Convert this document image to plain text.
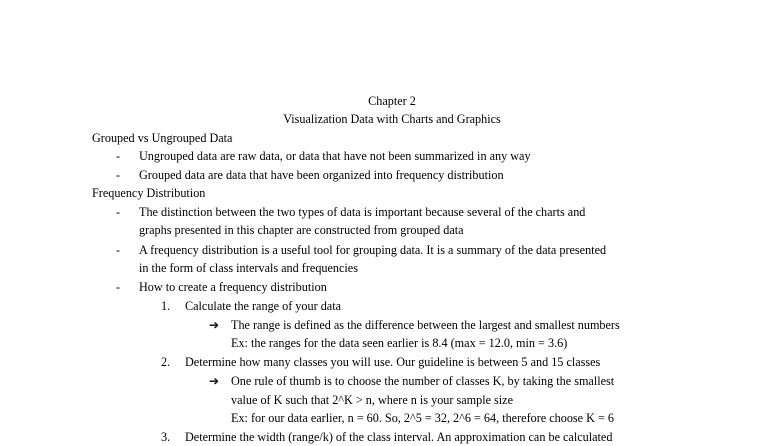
Chapter 2
Visualization Data with Charts and Graphics
Grouped vs Ungrouped Data
- Ungrouped data are raw data, or data that have not been summarized in any way
- Grouped data are data that have been organized into frequency distribution
Frequency Distribution
- The distinction between the two types of data is important because several of the charts and
graphs presented in this chapter are constructed from grouped data
- A frequency distribution is a useful tool for grouping data. It is a summary of the data presented
in the form of class intervals and frequencies
- How to create a frequency distribution
1. Calculate the range of your data
➔ The range is defined as the difference between the largest and smallest numbers
Ex: the ranges for the data seen earlier is 8.4 (max = 12.0, min = 3.6)
2. Determine how many classes you will use. Our guideline is between 5 and 15 classes
➔ One rule of thumb is to choose the number of classes K, by taking the smallest
value of K such that 2^K > n, where n is your sample size
Ex: for our data earlier, n = 60. So, 2^5 = 32, 2^6 = 64, therefore choose K = 6
3. Determine the width (range/k) of the class interval. An approximation can be calculated
